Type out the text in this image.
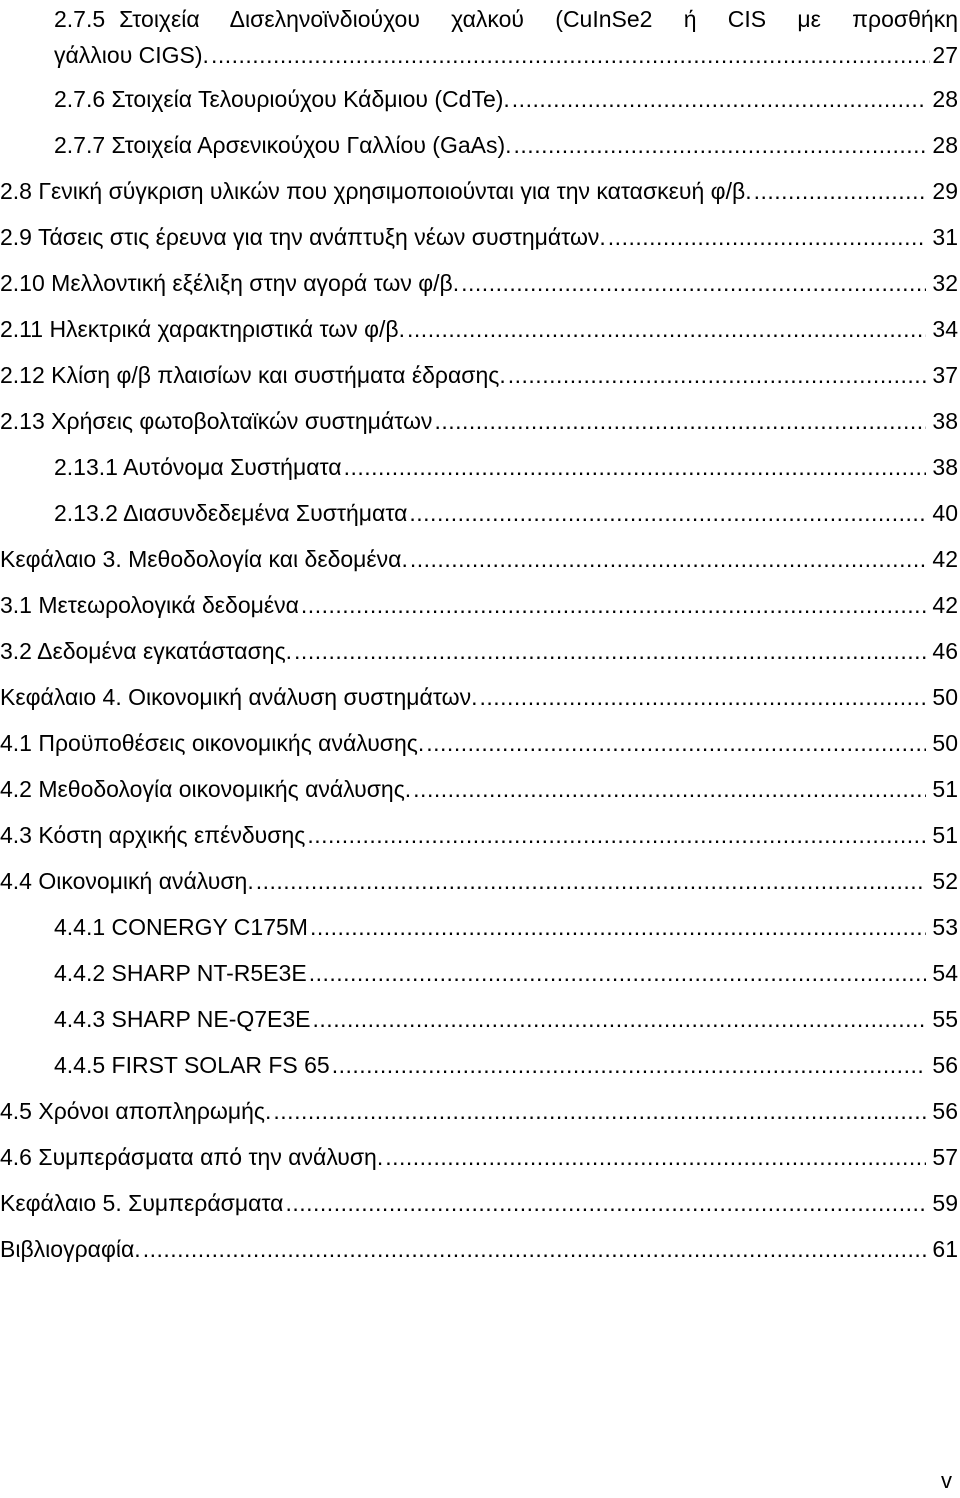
2.7.5 Στοιχεία Δισεληνοϊνδιούχου χαλκού (CuInSe2 ή CIS με προσθήκη
γάλλιου CIGS). .....	27
2.7.6 Στοιχεία Τελουριούχου Κάδμιου (CdTe). .....	28
2.7.7 Στοιχεία Αρσενικούχου Γαλλίου (GaAs). .....	28
2.8 Γενική σύγκριση υλικών που χρησιμοποιούνται για την κατασκευή φ/β. .....	29
2.9 Τάσεις στις έρευνα για την ανάπτυξη νέων συστημάτων. .....	31
2.10 Μελλοντική εξέλιξη στην αγορά των φ/β. .....	32
2.11 Ηλεκτρικά χαρακτηριστικά των φ/β. .....	34
2.12 Κλίση φ/β πλαισίων και συστήματα έδρασης. .....	37
2.13 Χρήσεις φωτοβολταϊκών συστημάτων .....	38
2.13.1 Αυτόνομα Συστήματα .....	38
2.13.2 Διασυνδεδεμένα Συστήματα .....	40
Κεφάλαιο 3. Μεθοδολογία και δεδομένα. .....	42
3.1 Μετεωρολογικά δεδομένα .....	42
3.2 Δεδομένα εγκατάστασης. .....	46
Κεφάλαιο 4. Οικονομική ανάλυση συστημάτων. .....	50
4.1 Προϋποθέσεις οικονομικής ανάλυσης. .....	50
4.2 Μεθοδολογία οικονομικής ανάλυσης. .....	51
4.3 Κόστη αρχικής επένδυσης .....	51
4.4 Οικονομική ανάλυση. .....	52
4.4.1 CONERGY C175M .....	53
4.4.2 SHARP NT-R5E3E .....	54
4.4.3 SHARP NE-Q7E3E .....	55
4.4.5 FIRST SOLAR FS 65 .....	56
4.5 Χρόνοι αποπληρωμής. .....	56
4.6 Συμπεράσματα από την ανάλυση. .....	57
Κεφάλαιο 5. Συμπεράσματα .....	59
Βιβλιογραφία. .....	61
v
